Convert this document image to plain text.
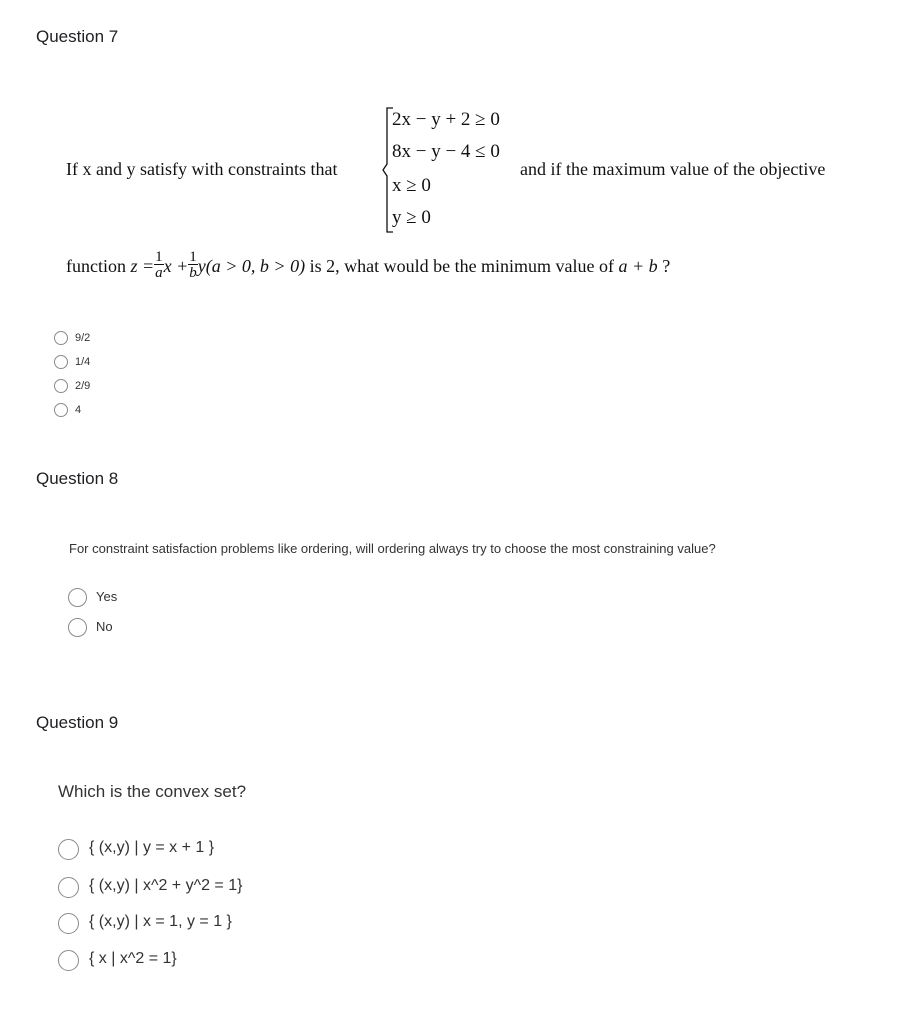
Question 7
If x and y satisfy with constraints that
2x − y + 2 ≥ 0
8x − y − 4 ≤ 0
x ≥ 0
y ≥ 0
and if the maximum value of the objective
function $z = \frac{1}{a}$ $x + \frac{1}{b} y(a > 0$, b > 0) is 2, what would be the minimum value of a + b ?
9/2
1/4
2/9
4
Question 8
For constraint satisfaction problems like ordering, will ordering always try to choose the most constraining value?
Yes
No
Question 9
Which is the convex set?
{ (x,y) | y = x + 1 }
{ (x,y) | x^2 + y^2 = 1}
{ (x,y) | x = 1, y = 1 }
{ x | x^2 = 1}
